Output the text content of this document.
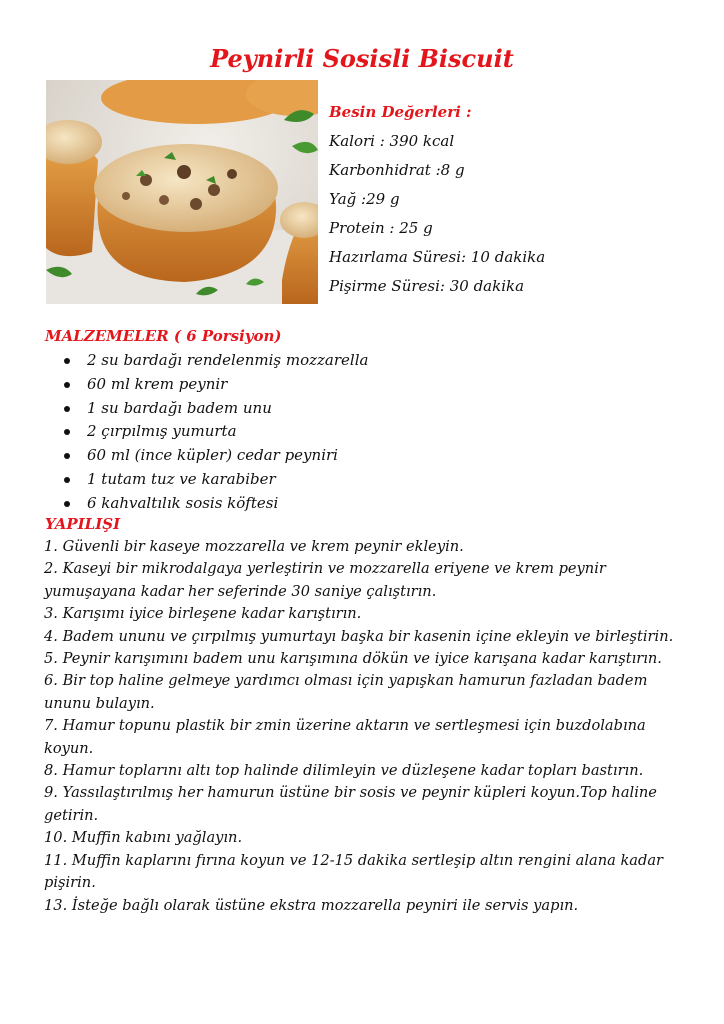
Peynirli Sosisli Biscuit
Besin Değerleri :
Kalori : 390 kcal
Karbonhidrat :8 g
Yağ :29 g
Protein : 25 g
Hazırlama Süresi: 10 dakika
Pişirme Süresi: 30 dakika
MALZEMELER ( 6 Porsiyon)
2 su bardağı rendelenmiş mozzarella
60 ml krem peynir
1 su bardağı badem unu
2 çırpılmış yumurta
60 ml (ince küpler) cedar peyniri
1 tutam tuz ve karabiber
6 kahvaltılık sosis köftesi
YAPILIŞI

1. Güvenli bir kaseye mozzarella ve krem peynir ekleyin.

2. Kaseyi bir mikrodalgaya yerleştirin ve mozzarella eriyene ve krem peynir yumuşayana kadar her seferinde 30 saniye çalıştırın.

3. Karışımı iyice birleşene kadar karıştırın.

4. Badem ununu ve çırpılmış yumurtayı başka bir kasenin içine ekleyin ve birleştirin.

5. Peynir karışımını badem unu karışımına dökün ve iyice karışana kadar karıştırın.

6. Bir top haline gelmeye yardımcı olması için yapışkan hamurun fazladan badem ununu bulayın.

7. Hamur topunu plastik bir zmin üzerine aktarın ve sertleşmesi için buzdolabına koyun.

8. Hamur toplarını altı top halinde dilimleyin ve düzleşene kadar topları bastırın.

9. Yassılaştırılmış her hamurun üstüne bir sosis ve peynir küpleri koyun.Top haline getirin.

10. Muffin kabını yağlayın.

11. Muffin kaplarını fırına koyun ve 12-15 dakika sertleşip altın rengini alana kadar pişirin.

13. İsteğe bağlı olarak üstüne ekstra mozzarella peyniri ile servis yapın.
